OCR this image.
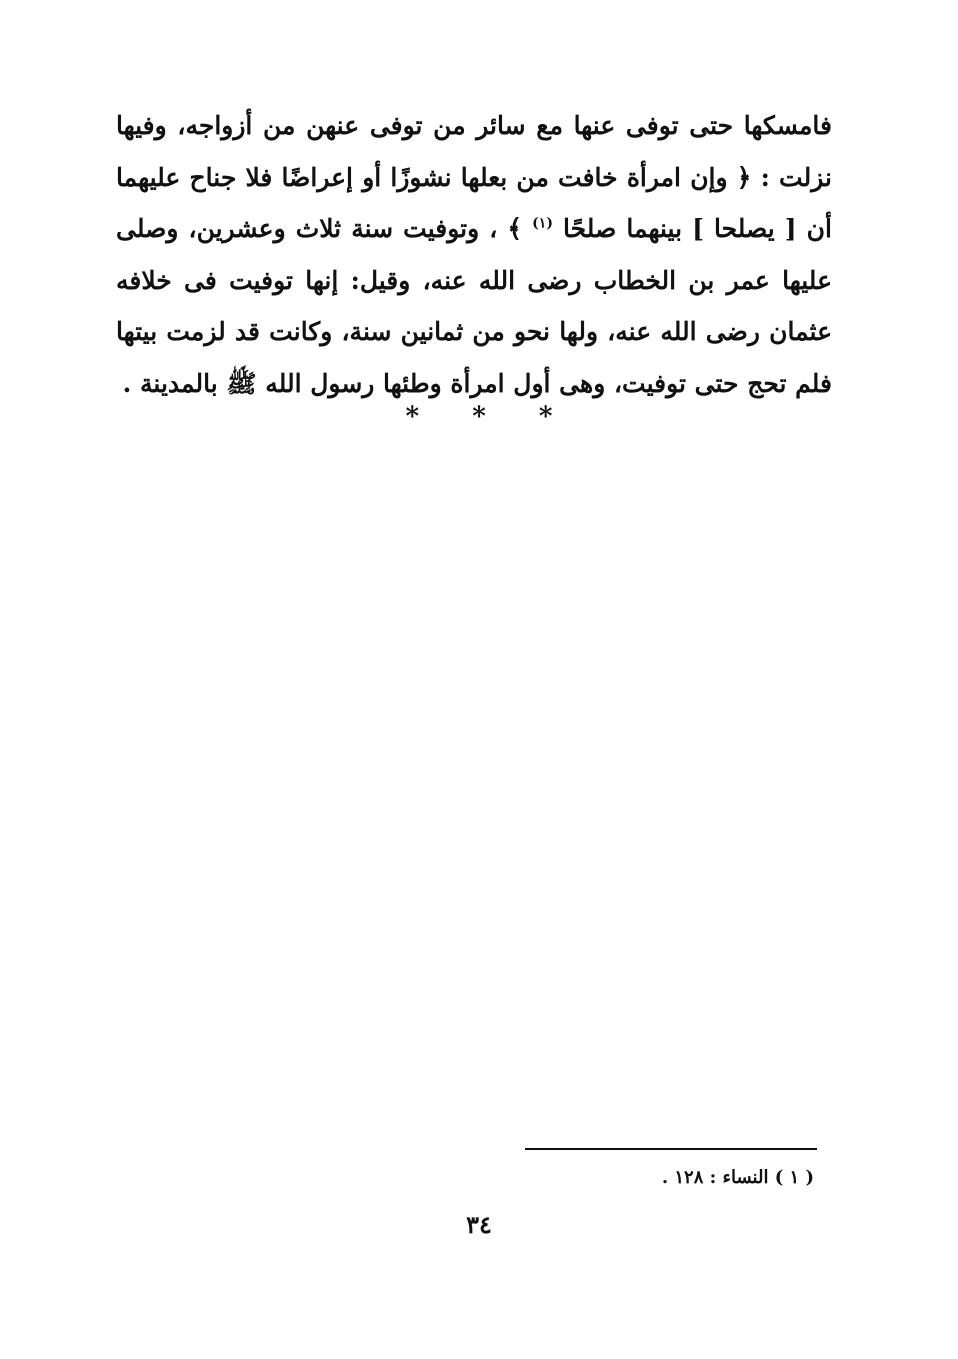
فامسكها حتى توفى عنها مع سائر من توفى عنهن من أزواجه، وفيها نزلت : ﴿ وإن امرأة خافت من بعلها نشوزًا أو إعراضًا فلا جناح عليهما أن [ يصلحا ] بينهما صلحًا $^{(١)}$ ﴾ ، وتوفيت سنة ثلاث وعشرين، وصلى عليها عمر بن الخطاب رضى الله عنه، وقيل: إنها توفيت فى خلافه عثمان رضى الله عنه، ولها نحو من ثمانين سنة، وكانت قد لزمت بيتها فلم تحج حتى توفيت، وهى أول امرأة وطئها رسول الله ﷺ بالمدينة .

* * *
( ١ ) النساء : ١٢٨ .
٣٤
